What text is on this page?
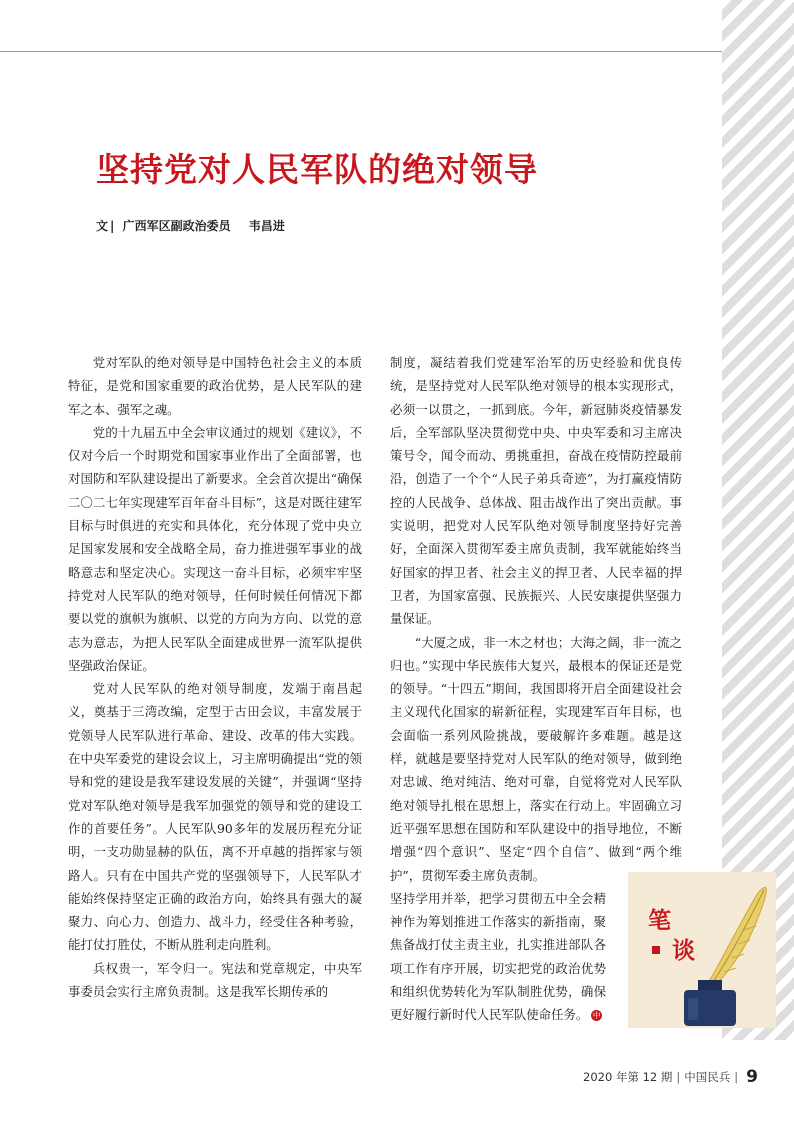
坚持党对人民军队的绝对领导
文 | 广西军区副政治委员 韦昌进

党对军队的绝对领导是中国特色社会主义的本质特征，是党和国家重要的政治优势，是人民军队的建军之本、强军之魂。

党的十九届五中全会审议通过的规划《建议》，不仅对今后一个时期党和国家事业作出了全面部署，也对国防和军队建设提出了新要求。全会首次提出“确保二〇二七年实现建军百年奋斗目标”，这是对既往建军目标与时俱进的充实和具体化，充分体现了党中央立足国家发展和安全战略全局，奋力推进强军事业的战略意志和坚定决心。实现这一奋斗目标，必须牢牢坚持党对人民军队的绝对领导，任何时候任何情况下都要以党的旗帜为旗帜、以党的方向为方向、以党的意志为意志，为把人民军队全面建成世界一流军队提供坚强政治保证。

党对人民军队的绝对领导制度，发端于南昌起义，奠基于三湾改编，定型于古田会议，丰富发展于党领导人民军队进行革命、建设、改革的伟大实践。在中央军委党的建设会议上，习主席明确提出“党的领导和党的建设是我军建设发展的关键”，并强调“坚持党对军队绝对领导是我军加强党的领导和党的建设工作的首要任务”。人民军队90多年的发展历程充分证明，一支功勋显赫的队伍，离不开卓越的指挥家与领路人。只有在中国共产党的坚强领导下，人民军队才能始终保持坚定正确的政治方向，始终具有强大的凝聚力、向心力、创造力、战斗力，经受住各种考验，能打仗打胜仗，不断从胜利走向胜利。

兵权贵一，军令归一。宪法和党章规定，中央军事委员会实行主席负责制。这是我军长期传承的

制度，凝结着我们党建军治军的历史经验和优良传统，是坚持党对人民军队绝对领导的根本实现形式，必须一以贯之，一抓到底。今年，新冠肺炎疫情暴发后，全军部队坚决贯彻党中央、中央军委和习主席决策号令，闻令而动、勇挑重担，奋战在疫情防控最前沿，创造了一个个“人民子弟兵奇迹”，为打赢疫情防控的人民战争、总体战、阻击战作出了突出贡献。事实说明，把党对人民军队绝对领导制度坚持好完善好，全面深入贯彻军委主席负责制，我军就能始终当好国家的捍卫者、社会主义的捍卫者、人民幸福的捍卫者，为国家富强、民族振兴、人民安康提供坚强力量保证。

“大厦之成，非一木之材也；大海之阔，非一流之归也。”实现中华民族伟大复兴，最根本的保证还是党的领导。“十四五”期间，我国即将开启全面建设社会主义现代化国家的崭新征程，实现建军百年目标，也会面临一系列风险挑战，要破解许多难题。越是这样，就越是要坚持党对人民军队的绝对领导，做到绝对忠诚、绝对纯洁、绝对可靠，自觉将党对人民军队绝对领导扎根在思想上，落实在行动上。牢固确立习近平强军思想在国防和军队建设中的指导地位，不断增强“四个意识”、坚定“四个自信”、做到“两个维护”，贯彻军委主席负责制。

坚持学用并举，把学习贯彻五中全会精神作为筹划推进工作落实的新指南，聚焦备战打仗主责主业，扎实推进部队各项工作有序开展，切实把党的政治优势和组织优势转化为军队制胜优势，确保更好履行新时代人民军队使命任务。 中

笔
谈
2020 年第 12 期 | 中国民兵 | 9
